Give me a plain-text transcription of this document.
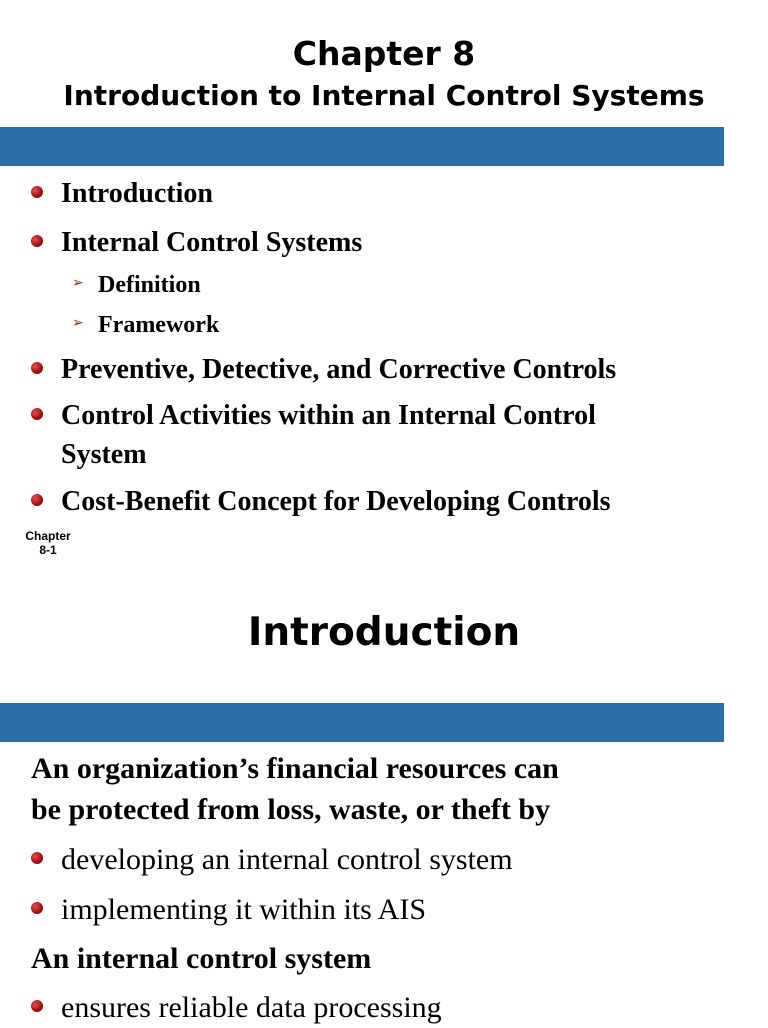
Chapter 8
Introduction to Internal Control Systems

Introduction

Internal Control Systems

➢ Definition

➢ Framework

Preventive, Detective, and Corrective Controls

Control Activities within an Internal Control

System

Cost-Benefit Concept for Developing Controls

Chapter
8-1
Introduction

An organization’s financial resources can

be protected from loss, waste, or theft by

developing an internal control system

implementing it within its AIS

An internal control system

ensures reliable data processing
